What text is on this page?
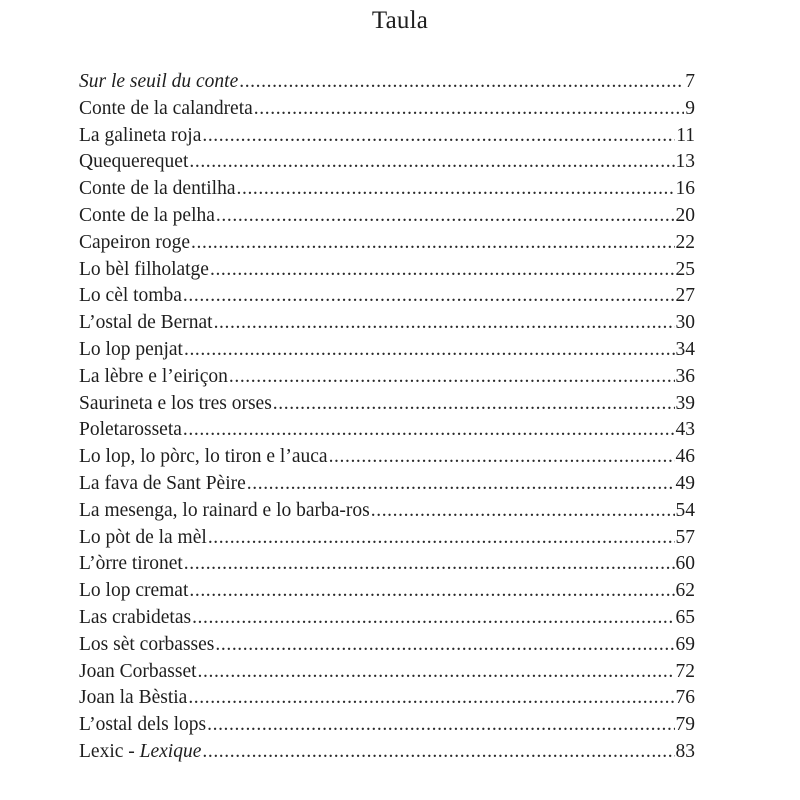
Taula
Sur le seuil du conte .....	7
Conte de la calandreta .....	9
La galineta roja .....	11
Quequerequet .....	13
Conte de la dentilha .....	16
Conte de la pelha .....	20
Capeiron roge .....	22
Lo bèl filholatge .....	25
Lo cèl tomba .....	27
L’ostal de Bernat .....	30
Lo lop penjat .....	34
La lèbre e l’eiriçon .....	36
Saurineta e los tres orses .....	39
Poletarosseta .....	43
Lo lop, lo pòrc, lo tiron e l’auca .....	46
La fava de Sant Pèire .....	49
La mesenga, lo rainard e lo barba-ros .....	54
Lo pòt de la mèl .....	57
L’òrre tironet .....	60
Lo lop cremat .....	62
Las crabidetas .....	65
Los sèt corbasses .....	69
Joan Corbasset .....	72
Joan la Bèstia .....	76
L’ostal dels lops .....	79
Lexic - Lexique .....	83
